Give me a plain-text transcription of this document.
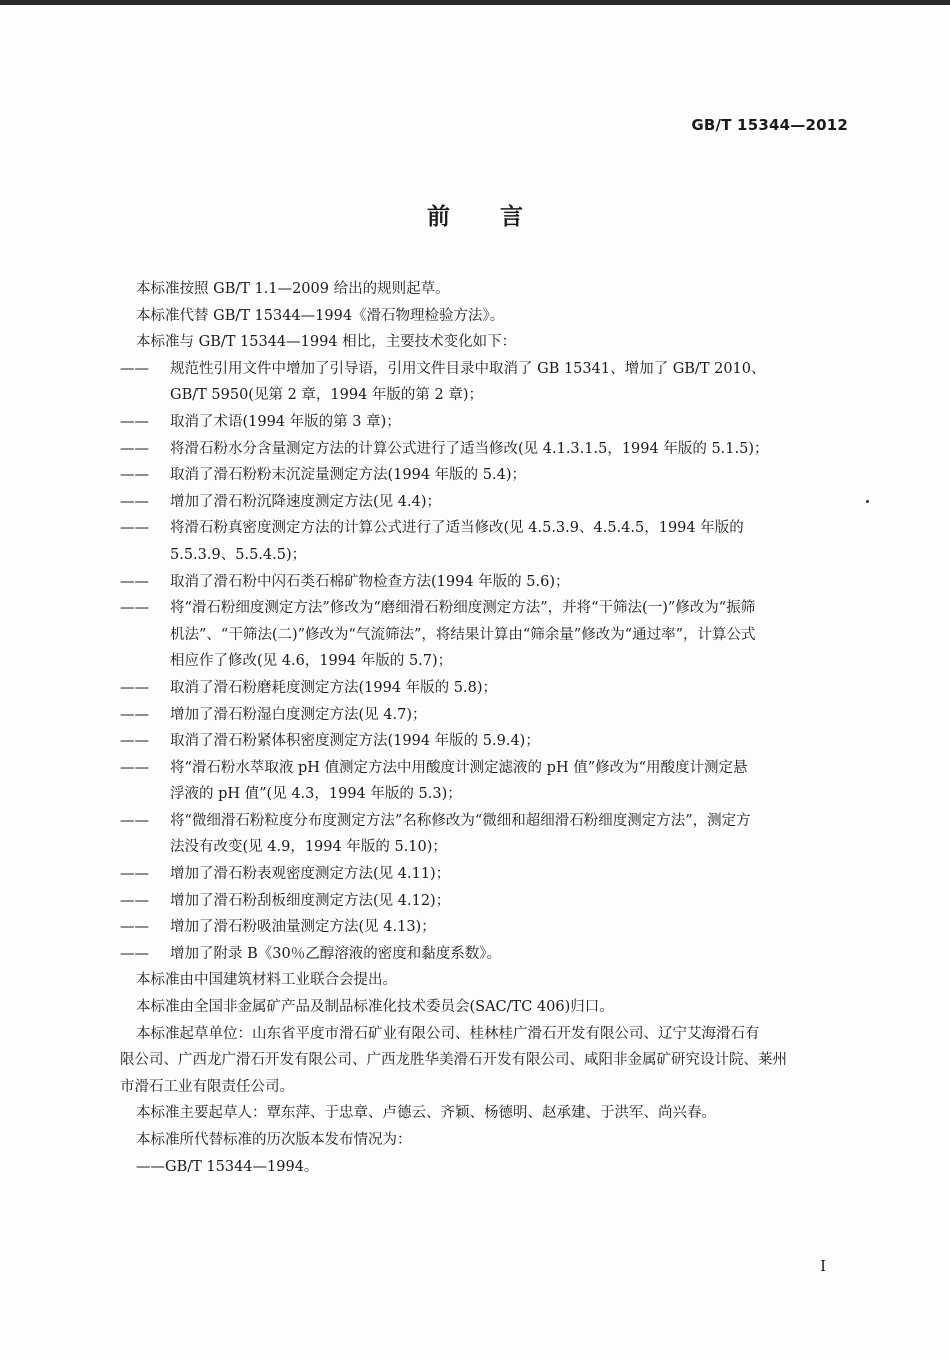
GB/T 15344—2012
前言

本标准按照 GB/T 1.1—2009 给出的规则起草。

本标准代替 GB/T 15344—1994《滑石物理检验方法》。

本标准与 GB/T 15344—1994 相比，主要技术变化如下：

——	规范性引用文件中增加了引导语，引用文件目录中取消了 GB 15341、增加了 GB/T 2010、
GB/T 5950(见第 2 章，1994 年版的第 2 章)；
——	取消了术语(1994 年版的第 3 章)；
——	将滑石粉水分含量测定方法的计算公式进行了适当修改(见 4.1.3.1.5，1994 年版的 5.1.5)；
——	取消了滑石粉粉末沉淀量测定方法(1994 年版的 5.4)；
——	增加了滑石粉沉降速度测定方法(见 4.4)；
——	将滑石粉真密度测定方法的计算公式进行了适当修改(见 4.5.3.9、4.5.4.5，1994 年版的
5.5.3.9、5.5.4.5)；
——	取消了滑石粉中闪石类石棉矿物检查方法(1994 年版的 5.6)；
——	将“滑石粉细度测定方法”修改为“磨细滑石粉细度测定方法”，并将“干筛法(一)”修改为“振筛
机法”、“干筛法(二)”修改为“气流筛法”，将结果计算由“筛余量”修改为“通过率”，计算公式
相应作了修改(见 4.6，1994 年版的 5.7)；
——	取消了滑石粉磨耗度测定方法(1994 年版的 5.8)；
——	增加了滑石粉湿白度测定方法(见 4.7)；
——	取消了滑石粉紧体积密度测定方法(1994 年版的 5.9.4)；
——	将“滑石粉水萃取液 pH 值测定方法中用酸度计测定滤液的 pH 值”修改为“用酸度计测定悬
浮液的 pH 值”(见 4.3，1994 年版的 5.3)；
——	将“微细滑石粉粒度分布度测定方法”名称修改为“微细和超细滑石粉细度测定方法”，测定方
法没有改变(见 4.9，1994 年版的 5.10)；
——	增加了滑石粉表观密度测定方法(见 4.11)；
——	增加了滑石粉刮板细度测定方法(见 4.12)；
——	增加了滑石粉吸油量测定方法(见 4.13)；
——	增加了附录 B《30％乙醇溶液的密度和黏度系数》。

本标准由中国建筑材料工业联合会提出。

本标准由全国非金属矿产品及制品标准化技术委员会(SAC/TC 406)归口。

本标准起草单位：山东省平度市滑石矿业有限公司、桂林桂广滑石开发有限公司、辽宁艾海滑石有
限公司、广西龙广滑石开发有限公司、广西龙胜华美滑石开发有限公司、咸阳非金属矿研究设计院、莱州
市滑石工业有限责任公司。

本标准主要起草人：覃东萍、于忠章、卢德云、齐颖、杨德明、赵承建、于洪军、尚兴春。

本标准所代替标准的历次版本发布情况为：

——GB/T 15344—1994。

I
